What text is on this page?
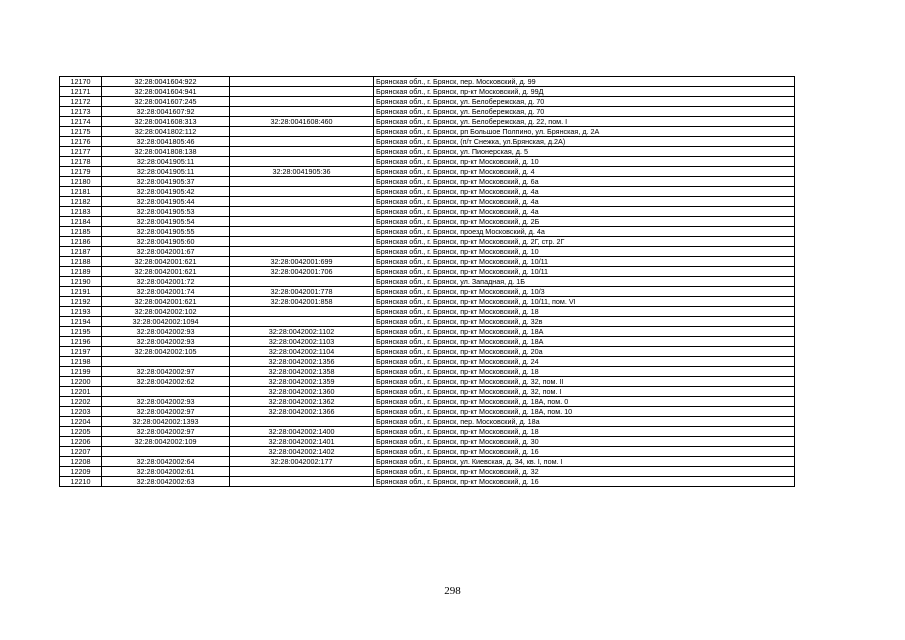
12170	32:28:0041604:922		Брянская обл., г. Брянск, пер. Московский, д. 99
12171	32:28:0041604:941		Брянская обл., г. Брянск, пр-кт Московский, д. 99Д
12172	32:28:0041607:245		Брянская обл., г. Брянск, ул. Белобережская, д. 70
12173	32:28:0041607:92		Брянская обл., г. Брянск, ул. Белобережская, д. 70
12174	32:28:0041608:313	32:28:0041608:460	Брянская обл., г. Брянск, ул. Белобережская, д. 22, пом. I
12175	32:28:0041802:112		Брянская обл., г. Брянск, рп Большое Полпино, ул. Брянская, д. 2А
12176	32:28:0041805:46		Брянская обл., г. Брянск, (п/т Снежка, ул.Брянская, д.2А)
12177	32:28:0041808:138		Брянская обл., г. Брянск, ул. Пионерская, д. 5
12178	32:28:0041905:11		Брянская обл., г. Брянск, пр-кт Московский, д. 10
12179	32:28:0041905:11	32:28:0041905:36	Брянская обл., г. Брянск, пр-кт Московский, д. 4
12180	32:28:0041905:37		Брянская обл., г. Брянск, пр-кт Московский, д. 6а
12181	32:28:0041905:42		Брянская обл., г. Брянск, пр-кт Московский, д. 4а
12182	32:28:0041905:44		Брянская обл., г. Брянск, пр-кт Московский, д. 4а
12183	32:28:0041905:53		Брянская обл., г. Брянск, пр-кт Московский, д. 4а
12184	32:28:0041905:54		Брянская обл., г. Брянск, пр-кт Московский, д. 2Б
12185	32:28:0041905:55		Брянская обл., г. Брянск, проезд Московский, д. 4а
12186	32:28:0041905:60		Брянская обл., г. Брянск, пр-кт Московский, д. 2Г, стр. 2Г
12187	32:28:0042001:67		Брянская обл., г. Брянск, пр-кт Московский, д. 10
12188	32:28:0042001:621	32:28:0042001:699	Брянская обл., г. Брянск, пр-кт Московский, д. 10/11
12189	32:28:0042001:621	32:28:0042001:706	Брянская обл., г. Брянск, пр-кт Московский, д. 10/11
12190	32:28:0042001:72		Брянская обл., г. Брянск, ул. Западная, д. 1Б
12191	32:28:0042001:74	32:28:0042001:778	Брянская обл., г. Брянск, пр-кт Московский, д. 10/3
12192	32:28:0042001:621	32:28:0042001:858	Брянская обл., г. Брянск, пр-кт Московский, д. 10/11, пом. VI
12193	32:28:0042002:102		Брянская обл., г. Брянск, пр-кт Московский, д. 18
12194	32:28:0042002:1094		Брянская обл., г. Брянск, пр-кт Московский, д. 32в
12195	32:28:0042002:93	32:28:0042002:1102	Брянская обл., г. Брянск, пр-кт Московский, д. 18А
12196	32:28:0042002:93	32:28:0042002:1103	Брянская обл., г. Брянск, пр-кт Московский, д. 18А
12197	32:28:0042002:105	32:28:0042002:1104	Брянская обл., г. Брянск, пр-кт Московский, д. 20а
12198		32:28:0042002:1356	Брянская обл., г. Брянск, пр-кт Московский, д. 24
12199	32:28:0042002:97	32:28:0042002:1358	Брянская обл., г. Брянск, пр-кт Московский, д. 18
12200	32:28:0042002:62	32:28:0042002:1359	Брянская обл., г. Брянск, пр-кт Московский, д. 32, пом. II
12201		32:28:0042002:1360	Брянская обл., г. Брянск, пр-кт Московский, д. 32, пом. I
12202	32:28:0042002:93	32:28:0042002:1362	Брянская обл., г. Брянск, пр-кт Московский, д. 18А, пом. 0
12203	32:28:0042002:97	32:28:0042002:1366	Брянская обл., г. Брянск, пр-кт Московский, д. 18А, пом. 10
12204	32:28:0042002:1393		Брянская обл., г. Брянск, пер. Московский, д. 18а
12205	32:28:0042002:97	32:28:0042002:1400	Брянская обл., г. Брянск, пр-кт Московский, д. 18
12206	32:28:0042002:109	32:28:0042002:1401	Брянская обл., г. Брянск, пр-кт Московский, д. 30
12207		32:28:0042002:1402	Брянская обл., г. Брянск, пр-кт Московский, д. 16
12208	32:28:0042002:64	32:28:0042002:177	Брянская обл., г. Брянск, ул. Киевская, д. 34, кв. I, пом. I
12209	32:28:0042002:61		Брянская обл., г. Брянск, пр-кт Московский, д. 32
12210	32:28:0042002:63		Брянская обл., г. Брянск, пр-кт Московский, д. 16
298
